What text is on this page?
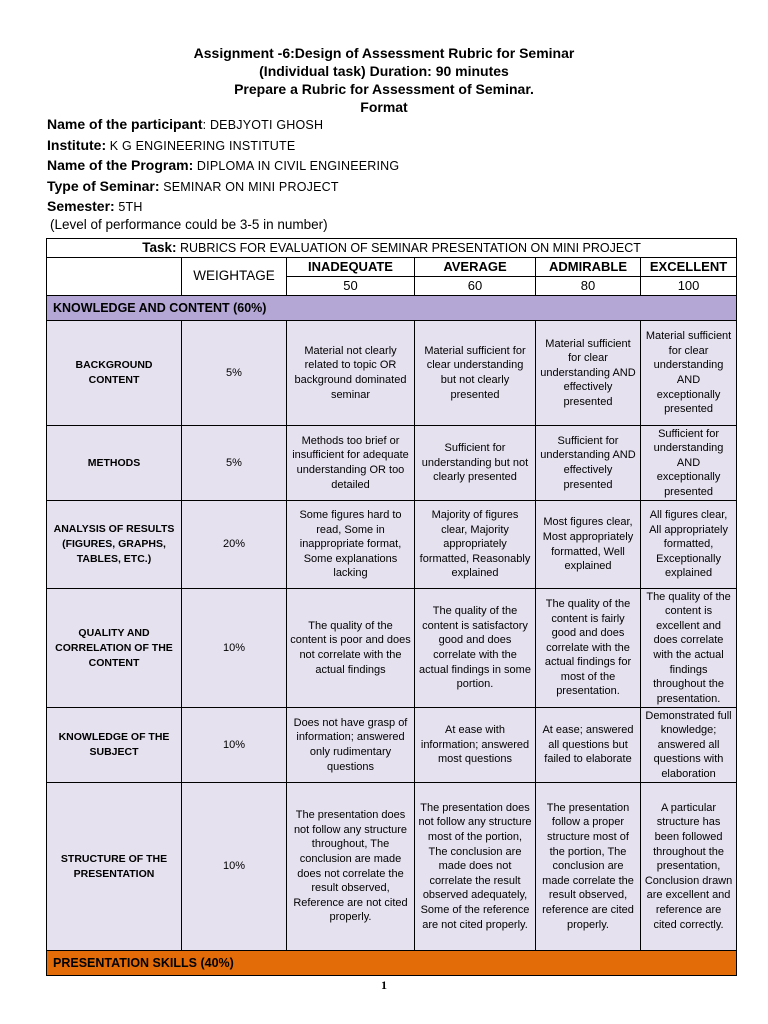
Assignment -6:Design of Assessment Rubric for Seminar
(Individual task) Duration: 90 minutes
Prepare a Rubric for Assessment of Seminar.
Format
Name of the participant: DEBJYOTI GHOSH
Institute: K G ENGINEERING INSTITUTE
Name of the Program: DIPLOMA IN CIVIL ENGINEERING
Type of Seminar: SEMINAR ON MINI PROJECT
Semester: 5TH
(Level of performance could be 3-5 in number)
Task: RUBRICS FOR EVALUATION OF SEMINAR PRESENTATION ON MINI PROJECT					
	WEIGHTAGE	INADEQUATE	AVERAGE	ADMIRABLE	EXCELLENT
		50	60	80	100
KNOWLEDGE AND CONTENT (60%)					
BACKGROUND CONTENT	5%	Material not clearly related to topic OR background dominated seminar	Material sufficient for clear understanding but not clearly presented	Material sufficient for clear understanding AND effectively presented	Material sufficient for clear understanding AND exceptionally presented
METHODS	5%	Methods too brief or insufficient for adequate understanding OR too detailed	Sufficient for understanding but not clearly presented	Sufficient for understanding AND effectively presented	Sufficient for understanding AND exceptionally presented
ANALYSIS OF RESULTS (FIGURES, GRAPHS, TABLES, ETC.)	20%	Some figures hard to read, Some in inappropriate format, Some explanations lacking	Majority of figures clear, Majority appropriately formatted, Reasonably explained	Most figures clear, Most appropriately formatted, Well explained	All figures clear, All appropriately formatted, Exceptionally explained
QUALITY AND CORRELATION OF THE CONTENT	10%	The quality of the content is poor and does not correlate with the actual findings	The quality of the content is satisfactory good and does correlate with the actual findings in some portion.	The quality of the content is fairly good and does correlate with the actual findings for most of the presentation.	The quality of the content is excellent and does correlate with the actual findings throughout the presentation.
KNOWLEDGE OF THE SUBJECT	10%	Does not have grasp of information; answered only rudimentary questions	At ease with information; answered most questions	At ease; answered all questions but failed to elaborate	Demonstrated full knowledge; answered all questions with elaboration
STRUCTURE OF THE PRESENTATION	10%	The presentation does not follow any structure throughout, The conclusion are made does not correlate the result observed, Reference are not cited properly.	The presentation does not follow any structure most of the portion, The conclusion are made does not correlate the result observed adequately, Some of the reference are not cited properly.	The presentation follow a proper structure most of the portion, The conclusion are made correlate the result observed, reference are cited properly.	A particular structure has been followed throughout the presentation, Conclusion drawn are excellent and reference are cited correctly.
PRESENTATION SKILLS (40%)					
1
